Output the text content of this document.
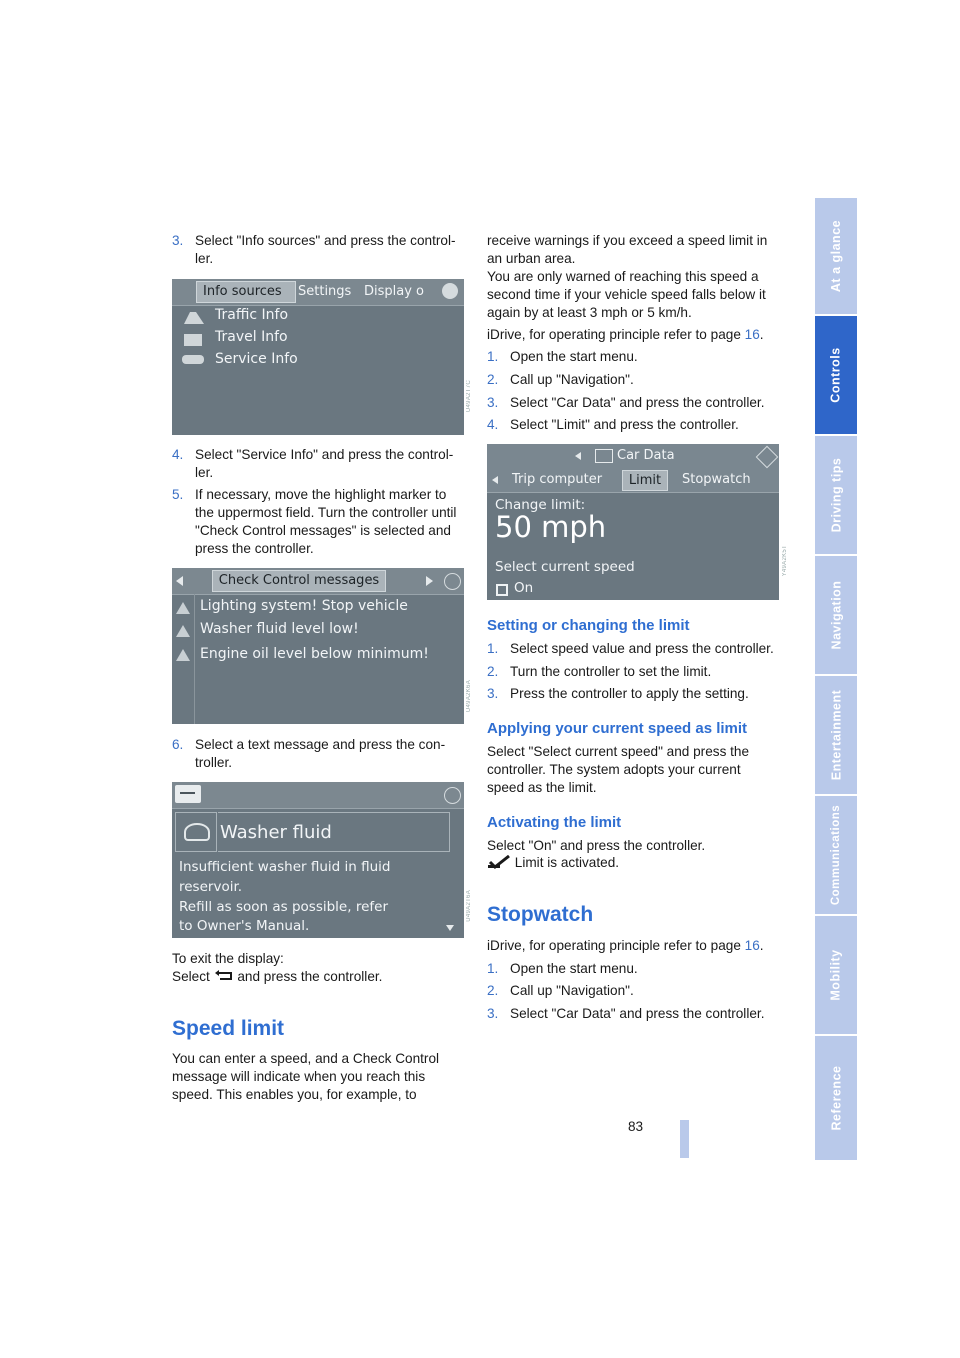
3. Select "Info sources" and press the control-ler.
Info sources	Settings Display o
Traffic Info
Travel Info
Service Info
U49A2T7C
4. Select "Service Info" and press the control-ler.
5. If necessary, move the highlight marker to the uppermost field. Turn the controller until "Check Control messages" is selected and press the controller.
Check Control messages
Lighting system! Stop vehicle
Washer fluid level low!
Engine oil level below minimum!
U49A2K6A
6. Select a text message and press the con-troller.
Washer fluid
Insufficient washer fluid in fluid
reservoir.
Refill as soon as possible, refer
to Owner's Manual.
U49A2T6A
To exit the display:
Select and press the controller.
Speed limit
You can enter a speed, and a Check Control message will indicate when you reach this speed. This enables you, for example, to
receive warnings if you exceed a speed limit in an urban area.
You are only warned of reaching this speed a second time if your vehicle speed falls below it again by at least 3 mph or 5 km/h.
iDrive, for operating principle refer to page 16.
1. Open the start menu.
2. Call up "Navigation".
3. Select "Car Data" and press the controller.
4. Select "Limit" and press the controller.
Car Data
Trip computer	Limit	Stopwatch
Change limit:
50 mph
Select current speed
On
Y49A2K5T
Setting or changing the limit
1. Select speed value and press the controller.
2. Turn the controller to set the limit.
3. Press the controller to apply the setting.
Applying your current speed as limit
Select "Select current speed" and press the controller. The system adopts your current speed as the limit.
Activating the limit
Select "On" and press the controller.
Limit is activated.
Stopwatch
iDrive, for operating principle refer to page 16.
1. Open the start menu.
2. Call up "Navigation".
3. Select "Car Data" and press the controller.
At a glance
Controls
Driving tips
Navigation
Entertainment
Communications
Mobility
Reference
83
